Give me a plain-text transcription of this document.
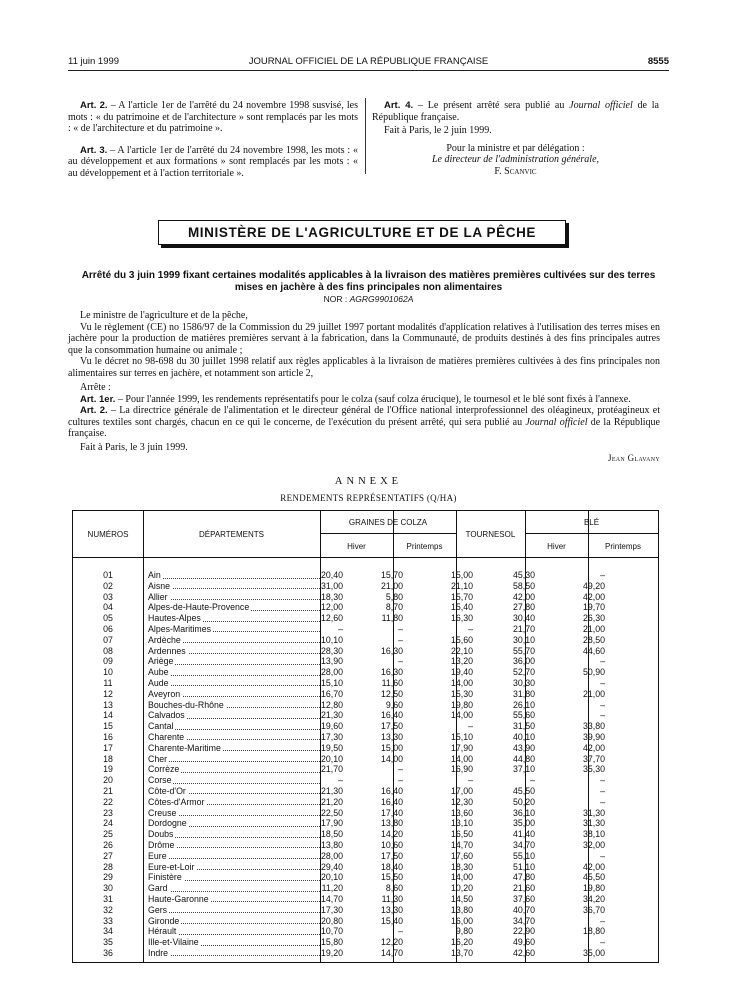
11 juin 1999	JOURNAL OFFICIEL DE LA RÉPUBLIQUE FRANÇAISE	8555

Art. 2. – A l'article 1er de l'arrêté du 24 novembre 1998 susvisé, les mots : « du patrimoine et de l'architecture » sont remplacés par les mots : « de l'architecture et du patrimoine ».

Art. 3. – A l'article 1er de l'arrêté du 24 novembre 1998, les mots : « au développement et aux formations » sont remplacés par les mots : « au développement et à l'action territoriale ».

Art. 4. – Le présent arrêté sera publié au Journal officiel de la République française.

Fait à Paris, le 2 juin 1999.

Pour la ministre et par délégation :

Le directeur de l'administration générale,

F. Scanvic

MINISTÈRE DE L'AGRICULTURE ET DE LA PÊCHE
Arrêté du 3 juin 1999 fixant certaines modalités applicables à la livraison des matières premières cultivées sur des terres mises en jachère à des fins principales non alimentaires
NOR : AGRG9901062A

Le ministre de l'agriculture et de la pêche,

Vu le règlement (CE) no 1586/97 de la Commission du 29 juillet 1997 portant modalités d'application relatives à l'utilisation des terres mises en jachère pour la production de matières premières servant à la fabrication, dans la Communauté, de produits destinés à des fins principales autres que la consommation humaine ou animale ;

Vu le décret no 98-698 du 30 juillet 1998 relatif aux règles applicables à la livraison de matières premières cultivées à des fins principales non alimentaires sur terres en jachère, et notamment son article 2,

Arrête :

Art. 1er. – Pour l'année 1999, les rendements représentatifs pour le colza (sauf colza érucique), le tournesol et le blé sont fixés à l'annexe.

Art. 2. – La directrice générale de l'alimentation et le directeur général de l'Office national interprofessionnel des oléagineux, protéagineux et cultures textiles sont chargés, chacun en ce qui le concerne, de l'exécution du présent arrêté, qui sera publié au Journal officiel de la République française.

Fait à Paris, le 3 juin 1999.

Jean Glavany

ANNEXE
RENDEMENTS REPRÉSENTATIFS (Q/HA)
NUMÉROS	DÉPARTEMENTS
GRAINES DE COLZA
Hiver	Printemps
TOURNESOL
BLÉ
Hiver	Printemps
01	Ain	20,40	15,70	15,00	45,30	–
02	Aisne	31,00	21,00	21,10	58,50	49,20
03	Allier	18,30	5,80	15,70	42,00	42,00
04	Alpes-de-Haute-Provence	12,00	8,70	15,40	27,80	19,70
05	Hautes-Alpes	12,60	11,80	16,30	30,40	26,30
06	Alpes-Maritimes	–	–	–	21,70	21,00
07	Ardèche	10,10	–	15,60	30,10	28,50
08	Ardennes	28,30	16,30	22,10	55,70	44,60
09	Ariège	13,90	–	13,20	36,00	–
10	Aube	28,00	16,30	19,40	52,70	50,90
11	Aude	15,10	11,60	14,00	30,30	–
12	Aveyron	16,70	12,50	15,30	31,80	21,00
13	Bouches-du-Rhône	12,80	9,60	19,80	26,10	–
14	Calvados	21,30	16,40	14,00	55,60	–
15	Cantal	19,60	17,50	–	31,50	33,80
16	Charente	17,30	13,30	15,10	40,10	39,90
17	Charente-Maritime	19,50	15,00	17,90	43,90	42,00
18	Cher	20,10	14,00	14,00	44,80	37,70
19	Corrèze	21,70	–	16,90	37,10	35,30
20	Corse	–	–	–	–	–
21	Côte-d'Or	21,30	16,40	17,00	45,50	–
22	Côtes-d'Armor	21,20	16,40	12,30	50,20	–
23	Creuse	22,50	17,40	13,60	36,10	31,30
24	Dordogne	17,90	13,80	13,10	35,00	31,30
25	Doubs	18,50	14,20	16,50	41,40	38,10
26	Drôme	13,80	10,60	14,70	34,70	32,00
27	Eure	28,00	17,50	17,60	55,10	–
28	Eure-et-Loir	29,40	18,40	18,30	51,10	42,00
29	Finistère	20,10	15,50	14,00	47,80	45,50
30	Gard	11,20	8,60	10,20	21,60	19,80
31	Haute-Garonne	14,70	11,30	14,50	37,60	34,20
32	Gers	17,30	13,30	13,80	40,70	36,70
33	Gironde	20,80	15,40	16,00	34,70	–
34	Hérault	10,70	–	9,80	22,90	18,80
35	Ille-et-Vilaine	15,80	12,20	16,20	49,60	–
36	Indre	19,20	14,70	13,70	42,60	35,00
